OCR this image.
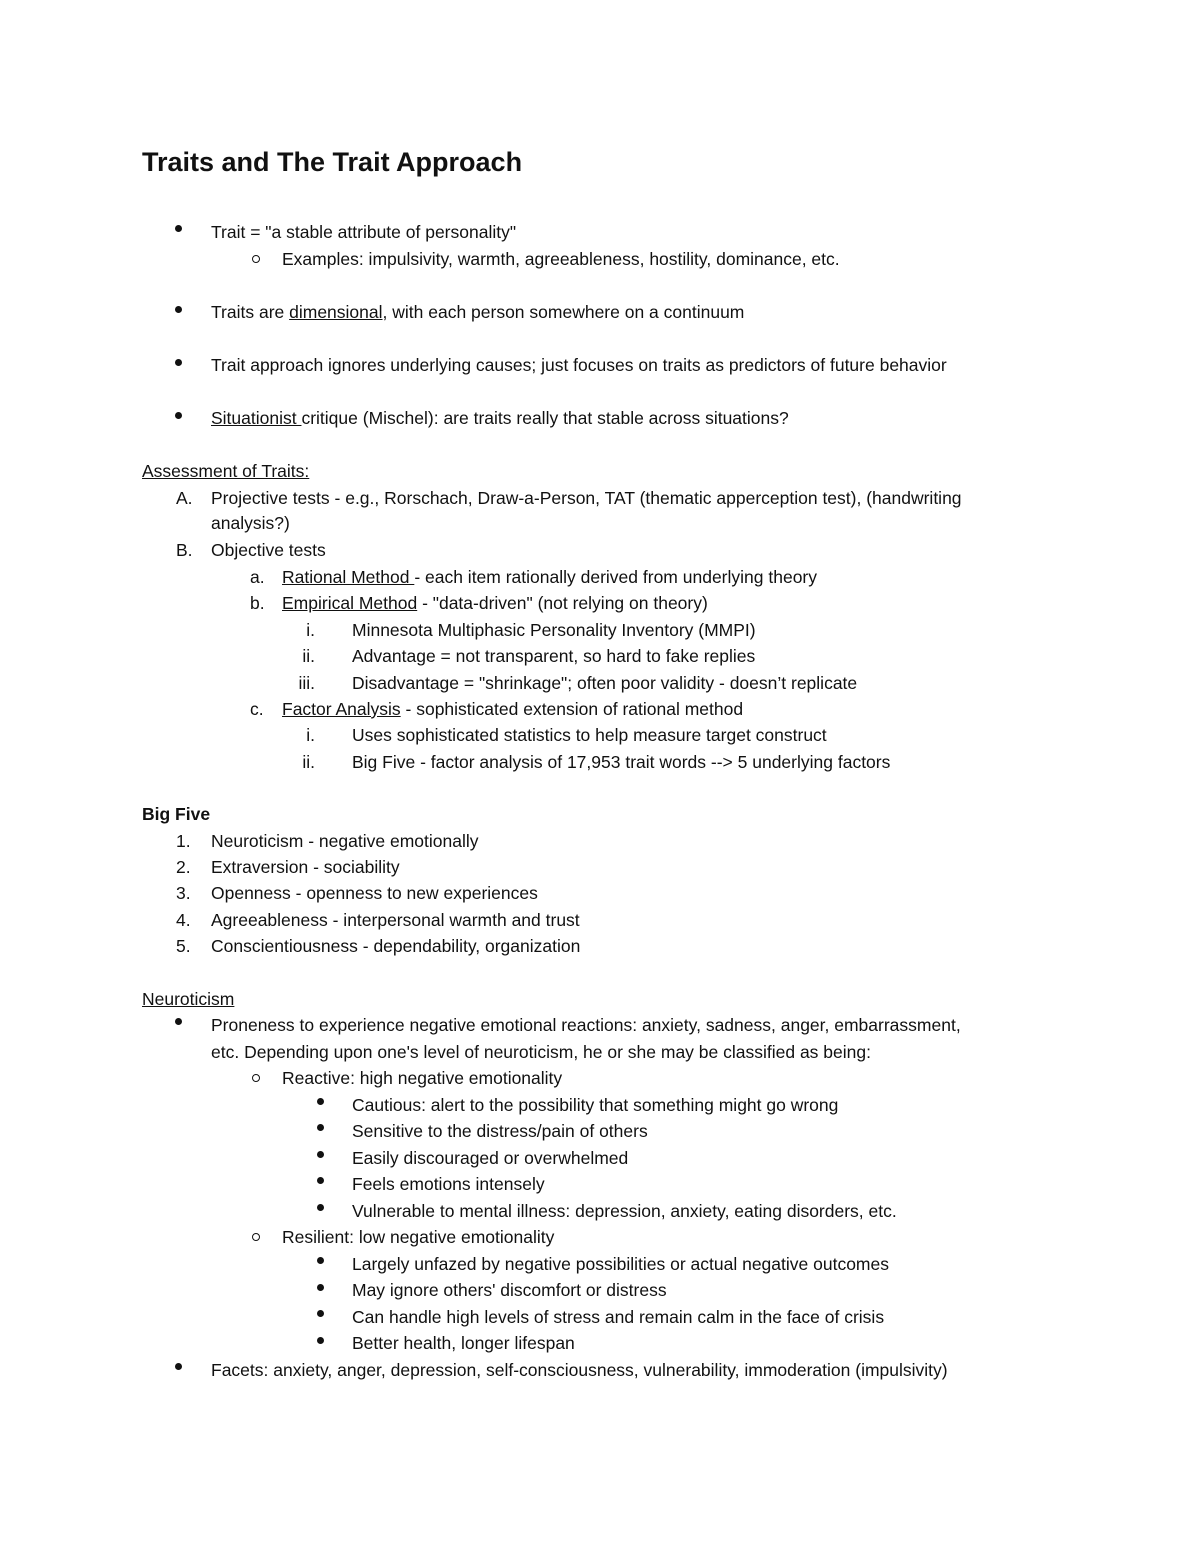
Traits and The Trait Approach
Trait = "a stable attribute of personality"
Examples: impulsivity, warmth, agreeableness, hostility, dominance, etc.
Traits are dimensional, with each person somewhere on a continuum
Trait approach ignores underlying causes; just focuses on traits as predictors of future behavior
Situationist critique (Mischel): are traits really that stable across situations?
Assessment of Traits:
A. Projective tests - e.g., Rorschach, Draw-a-Person, TAT (thematic apperception test), (handwriting
analysis?)
B. Objective tests
a. Rational Method - each item rationally derived from underlying theory
b. Empirical Method - "data-driven" (not relying on theory)
i. Minnesota Multiphasic Personality Inventory (MMPI)
ii. Advantage = not transparent, so hard to fake replies
iii. Disadvantage = "shrinkage"; often poor validity - doesn’t replicate
c. Factor Analysis - sophisticated extension of rational method
i. Uses sophisticated statistics to help measure target construct
ii. Big Five - factor analysis of 17,953 trait words --> 5 underlying factors
Big Five
1. Neuroticism - negative emotionally
2. Extraversion - sociability
3. Openness - openness to new experiences
4. Agreeableness - interpersonal warmth and trust
5. Conscientiousness - dependability, organization
Neuroticism
Proneness to experience negative emotional reactions: anxiety, sadness, anger, embarrassment,
etc. Depending upon one's level of neuroticism, he or she may be classified as being:
Reactive: high negative emotionality
Cautious: alert to the possibility that something might go wrong
Sensitive to the distress/pain of others
Easily discouraged or overwhelmed
Feels emotions intensely
Vulnerable to mental illness: depression, anxiety, eating disorders, etc.
Resilient: low negative emotionality
Largely unfazed by negative possibilities or actual negative outcomes
May ignore others' discomfort or distress
Can handle high levels of stress and remain calm in the face of crisis
Better health, longer lifespan
Facets: anxiety, anger, depression, self-consciousness, vulnerability, immoderation (impulsivity)
